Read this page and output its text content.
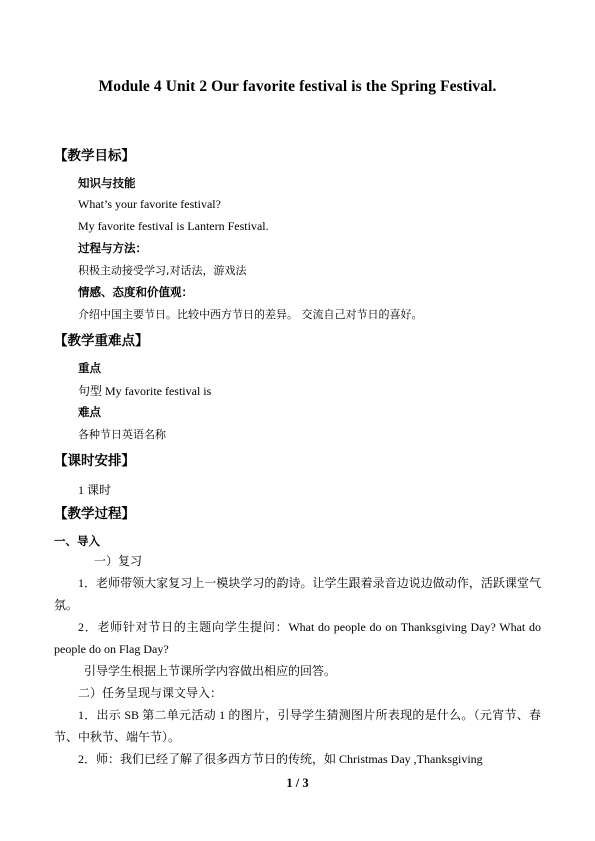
Module 4 Unit 2 Our favorite festival is the Spring Festival.
【教学目标】
知识与技能
What’s your favorite festival?
My favorite festival is Lantern Festival.
过程与方法：
积极主动接受学习,对话法，游戏法
情感、态度和价值观：
介绍中国主要节日。比较中西方节日的差异。 交流自己对节日的喜好。
【教学重难点】
重点
句型 My favorite festival is
难点
各种节日英语名称
【课时安排】
1 课时
【教学过程】
一、导入
一）复习
1．老师带领大家复习上一模块学习的韵诗。让学生跟着录音边说边做动作，活跃课堂气氛。
2．老师针对节日的主题向学生提问：What do people do on Thanksgiving Day? What do people do on Flag Day?
引导学生根据上节课所学内容做出相应的回答。
二）任务呈现与课文导入：
1．出示 SB 第二单元活动 1 的图片，引导学生猜测图片所表现的是什么。（元宵节、春节、中秋节、端午节）。
2．师：我们已经了解了很多西方节日的传统，如 Christmas Day ,Thanksgiving
1 / 3
